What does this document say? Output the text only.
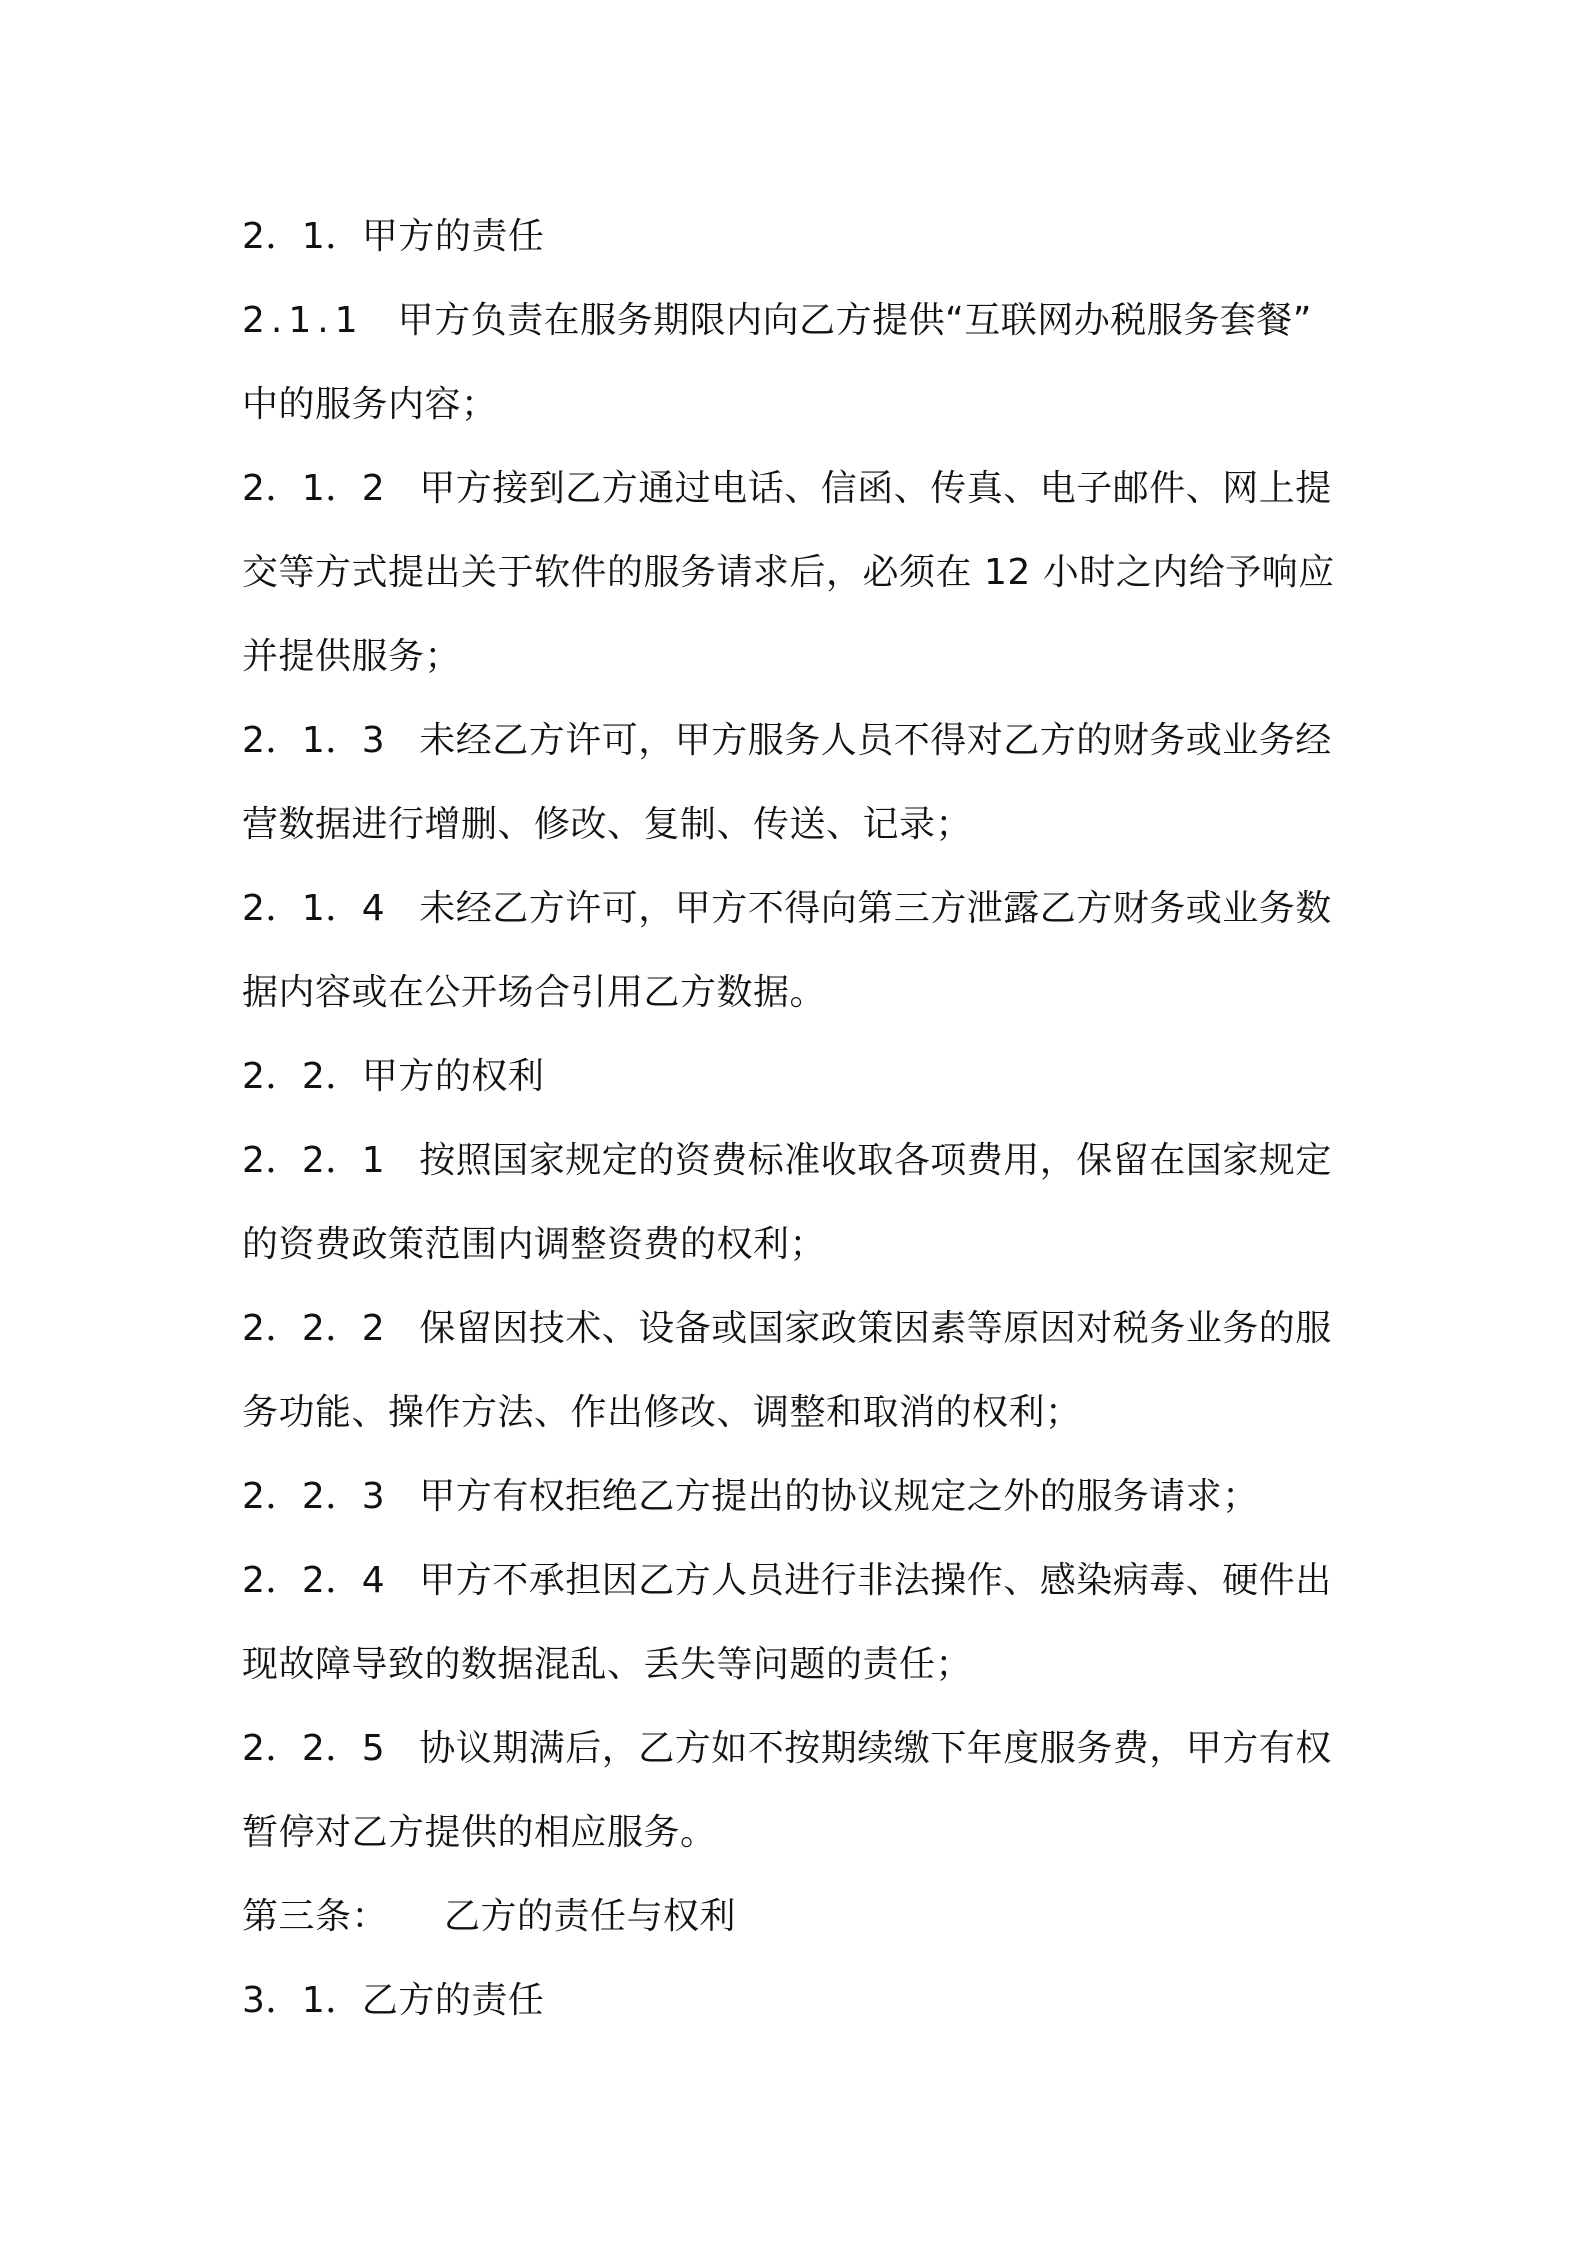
2．1．甲方的责任
2.1.1 甲方负责在服务期限内向乙方提供“互联网办税服务套餐”
中的服务内容；
2．1．2 甲方接到乙方通过电话、信函、传真、电子邮件、网上提
交等方式提出关于软件的服务请求后，必须在 12 小时之内给予响应
并提供服务；
2．1．3 未经乙方许可，甲方服务人员不得对乙方的财务或业务经
营数据进行增删、修改、复制、传送、记录；
2．1．4 未经乙方许可，甲方不得向第三方泄露乙方财务或业务数
据内容或在公开场合引用乙方数据。
2．2．甲方的权利
2．2．1 按照国家规定的资费标准收取各项费用，保留在国家规定
的资费政策范围内调整资费的权利；
2．2．2 保留因技术、设备或国家政策因素等原因对税务业务的服
务功能、操作方法、作出修改、调整和取消的权利；
2．2．3 甲方有权拒绝乙方提出的协议规定之外的服务请求；
2．2．4 甲方不承担因乙方人员进行非法操作、感染病毒、硬件出
现故障导致的数据混乱、丢失等问题的责任；
2．2．5 协议期满后，乙方如不按期续缴下年度服务费，甲方有权
暂停对乙方提供的相应服务。
第三条： 乙方的责任与权利
3．1．乙方的责任
